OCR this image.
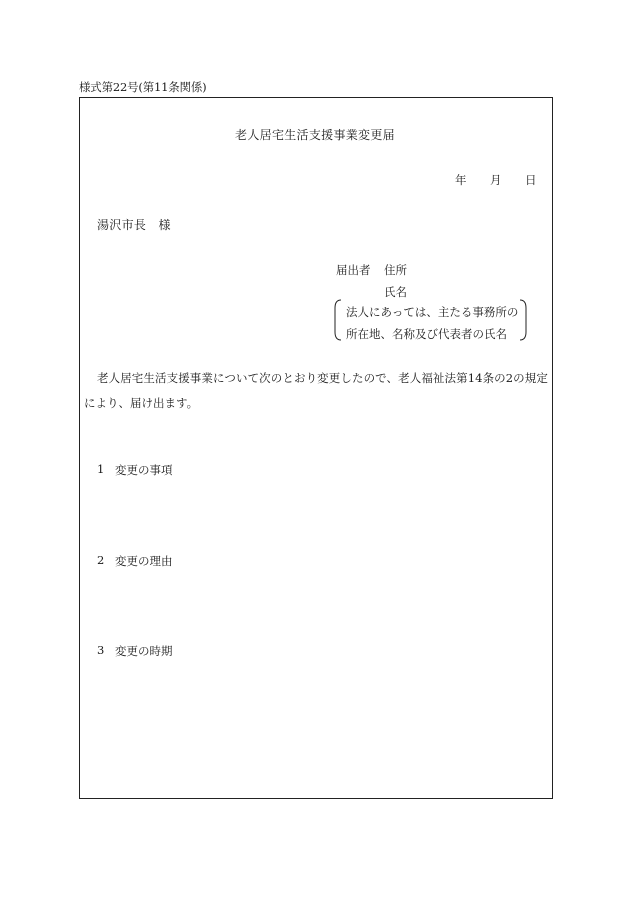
様式第22号(第11条関係)
老人居宅生活支援事業変更届
年 月 日
湯沢市長　様
届出者 住所
氏名
法人にあっては、主たる事務所の
所在地、名称及び代表者の氏名
老人居宅生活支援事業について次のとおり変更したので、老人福祉法第14条の2の規定
により、届け出ます。
1 変更の事項
2 変更の理由
3 変更の時期
